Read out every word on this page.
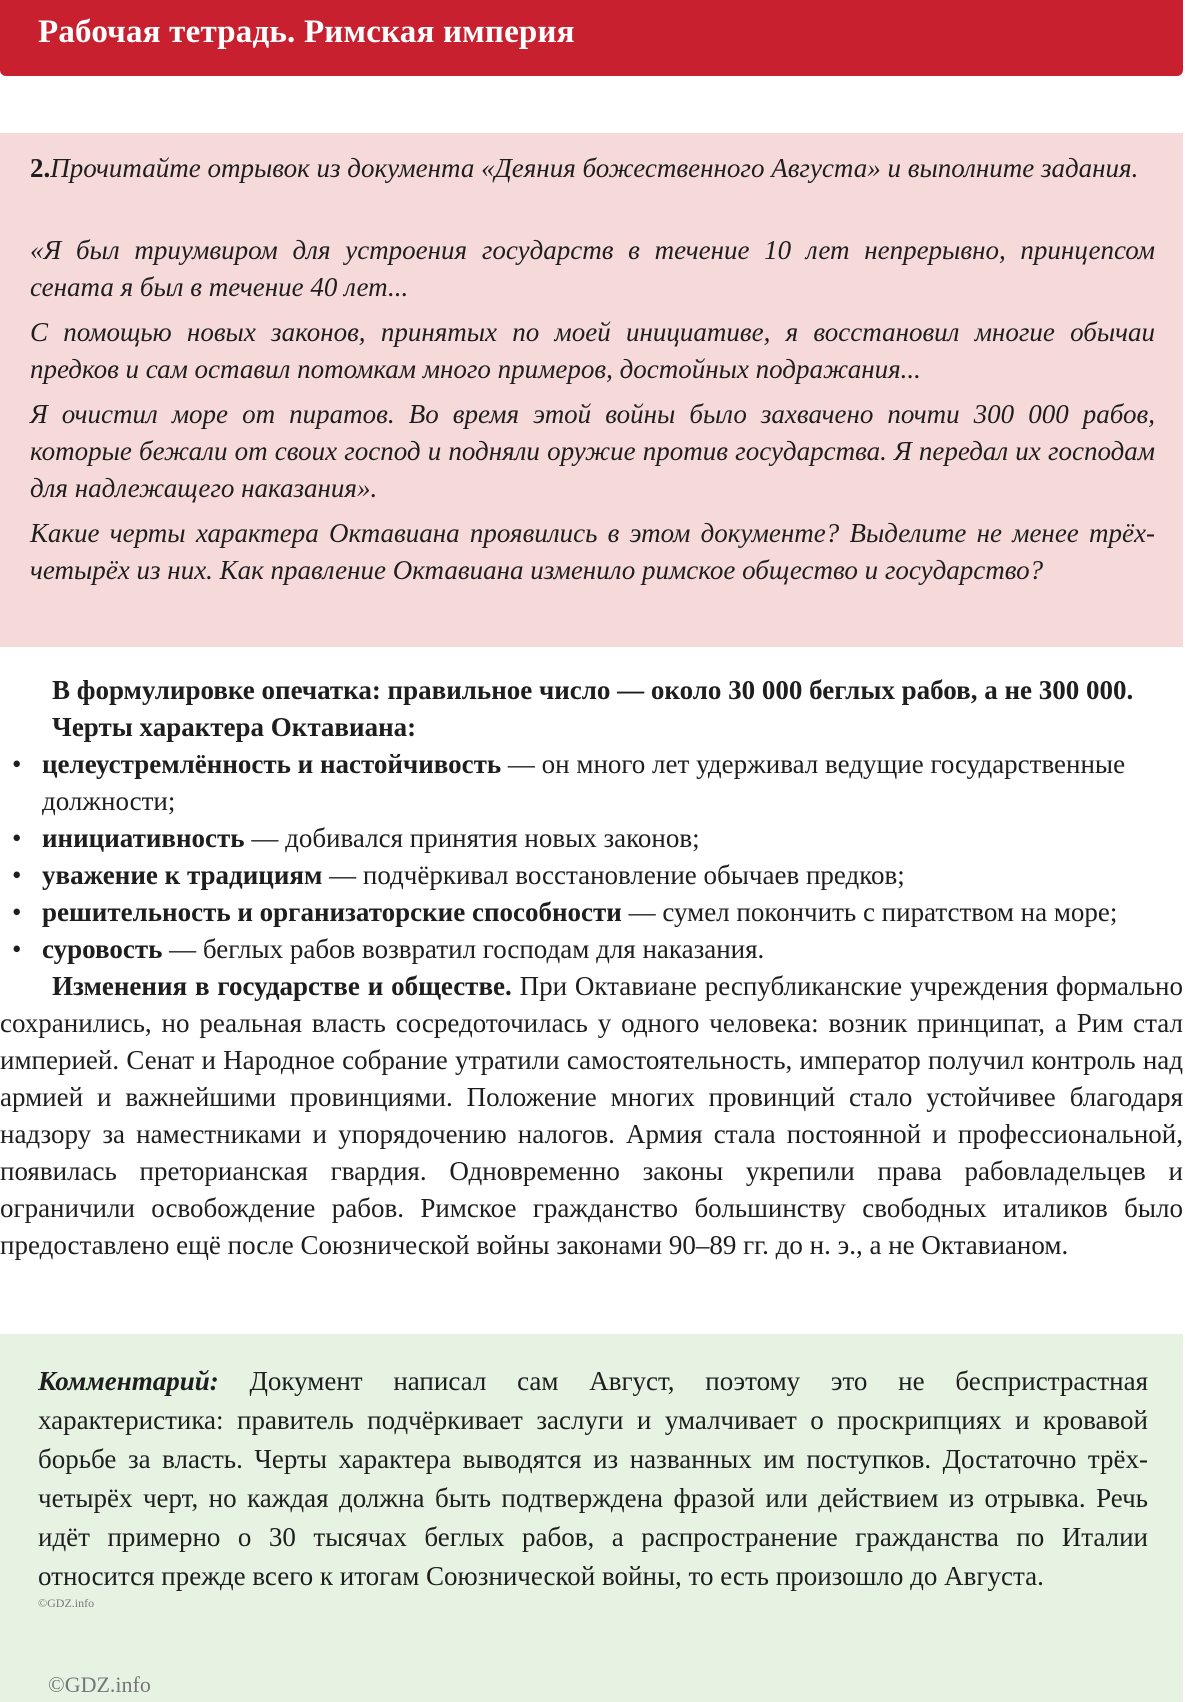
Рабочая тетрадь. Римская империя

2.Прочитайте отрывок из документа «Деяния божественного Августа» и выполните задания.

«Я был триумвиром для устроения государств в течение 10 лет непрерывно, принцепсом сената я был в течение 40 лет...

С помощью новых законов, принятых по моей инициативе, я восстановил многие обычаи предков и сам оставил потомкам много примеров, достойных подражания...

Я очистил море от пиратов. Во время этой войны было захвачено почти 300 000 рабов, которые бежали от своих господ и подняли оружие против государства. Я передал их господам для надлежащего наказания».

Какие черты характера Октавиана проявились в этом документе? Выделите не менее трёх-четырёх из них. Как правление Октавиана изменило римское общество и государство?

В формулировке опечатка: правильное число — около 30 000 беглых рабов, а не 300 000.

Черты характера Октавиана:

• целеустремлённость и настойчивость — он много лет удерживал ведущие государственные должности;
• инициативность — добивался принятия новых законов;
• уважение к традициям — подчёркивал восстановление обычаев предков;
• решительность и организаторские способности — сумел покончить с пиратством на море;
• суровость — беглых рабов возвратил господам для наказания.

Изменения в государстве и обществе. При Октавиане республиканские учреждения формально сохранились, но реальная власть сосредоточилась у одного человека: возник принципат, а Рим стал империей. Сенат и Народное собрание утратили самостоятельность, император получил контроль над армией и важнейшими провинциями. Положение многих провинций стало устойчивее благодаря надзору за наместниками и упорядочению налогов. Армия стала постоянной и профессиональной, появилась преторианская гвардия. Одновременно законы укрепили права рабовладельцев и ограничили освобождение рабов. Римское гражданство большинству свободных италиков было предоставлено ещё после Союзнической войны законами 90–89 гг. до н. э., а не Октавианом.

Комментарий: Документ написал сам Август, поэтому это не беспристрастная характеристика: правитель подчёркивает заслуги и умалчивает о проскрипциях и кровавой борьбе за власть. Черты характера выводятся из названных им поступков. Достаточно трёх-четырёх черт, но каждая должна быть подтверждена фразой или действием из отрывка. Речь идёт примерно о 30 тысячах беглых рабов, а распространение гражданства по Италии относится прежде всего к итогам Союзнической войны, то есть произошло до Августа.

©GDZ.info
©GDZ.info
